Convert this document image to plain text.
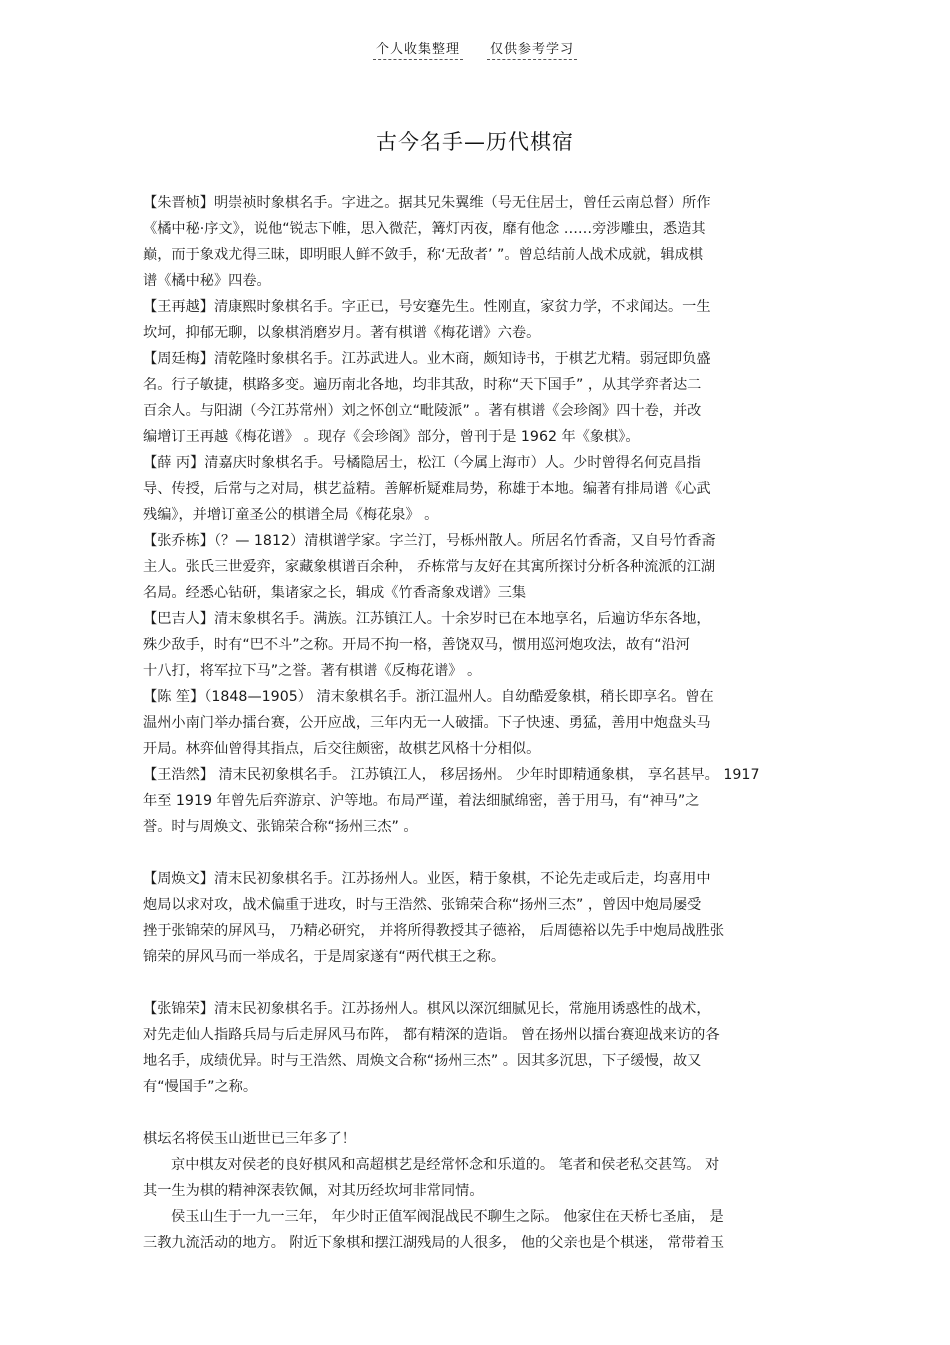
个人收集整理 仅供参考学习
古今名手—历代棋宿
【朱晋桢】明崇祯时象棋名手。字进之。据其兄朱翼维（号无住居士，曾任云南总督）所作
《橘中秘·序文》，说他“锐志下帷，思入微茫，篝灯丙夜，靡有他念 ……旁涉雕虫，悉造其
巅，而于象戏尤得三昧，即明眼人鲜不敛手，称‘无敌者’ ”。曾总结前人战术成就，辑成棋
谱《橘中秘》四卷。
【王再越】清康熙时象棋名手。字正已，号安蹇先生。性刚直，家贫力学，不求闻达。一生
坎坷，抑郁无聊，以象棋消磨岁月。著有棋谱《梅花谱》六卷。
【周廷梅】清乾隆时象棋名手。江苏武进人。业木商，颇知诗书，于棋艺尤精。弱冠即负盛
名。行子敏捷，棋路多变。遍历南北各地，均非其敌，时称“天下国手” ，从其学弈者达二
百余人。与阳湖（今江苏常州）刘之怀创立“毗陵派” 。著有棋谱《会珍阁》四十卷，并改
编增订王再越《梅花谱》 。现存《会珍阁》部分，曾刊于是 1962 年《象棋》。
【薛 丙】清嘉庆时象棋名手。号橘隐居士，松江（今属上海市）人。少时曾得名何克昌指
导、传授，后常与之对局，棋艺益精。善解析疑难局势，称雄于本地。编著有排局谱《心武
残编》，并增订童圣公的棋谱全局《梅花泉》 。
【张乔栋】（？— 1812）清棋谱学家。字兰汀，号栎州散人。所居名竹香斋，又自号竹香斋
主人。张氏三世爱弈，家藏象棋谱百余种， 乔栋常与友好在其寓所探讨分析各种流派的江湖
名局。经悉心钻研，集诸家之长，辑成《竹香斋象戏谱》三集
【巴吉人】清末象棋名手。满族。江苏镇江人。十余岁时已在本地享名，后遍访华东各地，
殊少敌手，时有“巴不斗”之称。开局不拘一格，善饶双马，惯用巡河炮攻法，故有“沿河
十八打，将军拉下马”之誉。著有棋谱《反梅花谱》 。
【陈 笙】（1848—1905） 清末象棋名手。浙江温州人。自幼酷爱象棋，稍长即享名。曾在
温州小南门举办擂台赛，公开应战，三年内无一人破擂。下子快速、勇猛，善用中炮盘头马
开局。林弈仙曾得其指点，后交往颇密，故棋艺风格十分相似。
【王浩然】 清末民初象棋名手。 江苏镇江人， 移居扬州。 少年时即精通象棋， 享名甚早。 1917
年至 1919 年曾先后弈游京、沪等地。布局严谨，着法细腻绵密，善于用马，有“神马”之
誉。时与周焕文、张锦荣合称“扬州三杰” 。
【周焕文】清末民初象棋名手。江苏扬州人。业医，精于象棋，不论先走或后走，均喜用中
炮局以求对攻，战术偏重于进攻，时与王浩然、张锦荣合称“扬州三杰” ，曾因中炮局屡受
挫于张锦荣的屏风马， 乃精必研究， 并将所得教授其子德裕， 后周德裕以先手中炮局战胜张
锦荣的屏风马而一举成名，于是周家遂有“两代棋王之称。
【张锦荣】清末民初象棋名手。江苏扬州人。棋风以深沉细腻见长，常施用诱惑性的战术，
对先走仙人指路兵局与后走屏风马布阵， 都有精深的造诣。 曾在扬州以擂台赛迎战来访的各
地名手，成绩优异。时与王浩然、周焕文合称“扬州三杰” 。因其多沉思，下子缓慢，故又
有“慢国手”之称。
棋坛名将侯玉山逝世已三年多了！
京中棋友对侯老的良好棋风和高超棋艺是经常怀念和乐道的。 笔者和侯老私交甚笃。 对
其一生为棋的精神深表钦佩，对其历经坎坷非常同情。
侯玉山生于一九一三年， 年少时正值军阀混战民不聊生之际。 他家住在天桥七圣庙， 是
三教九流活动的地方。 附近下象棋和摆江湖残局的人很多， 他的父亲也是个棋迷， 常带着玉
